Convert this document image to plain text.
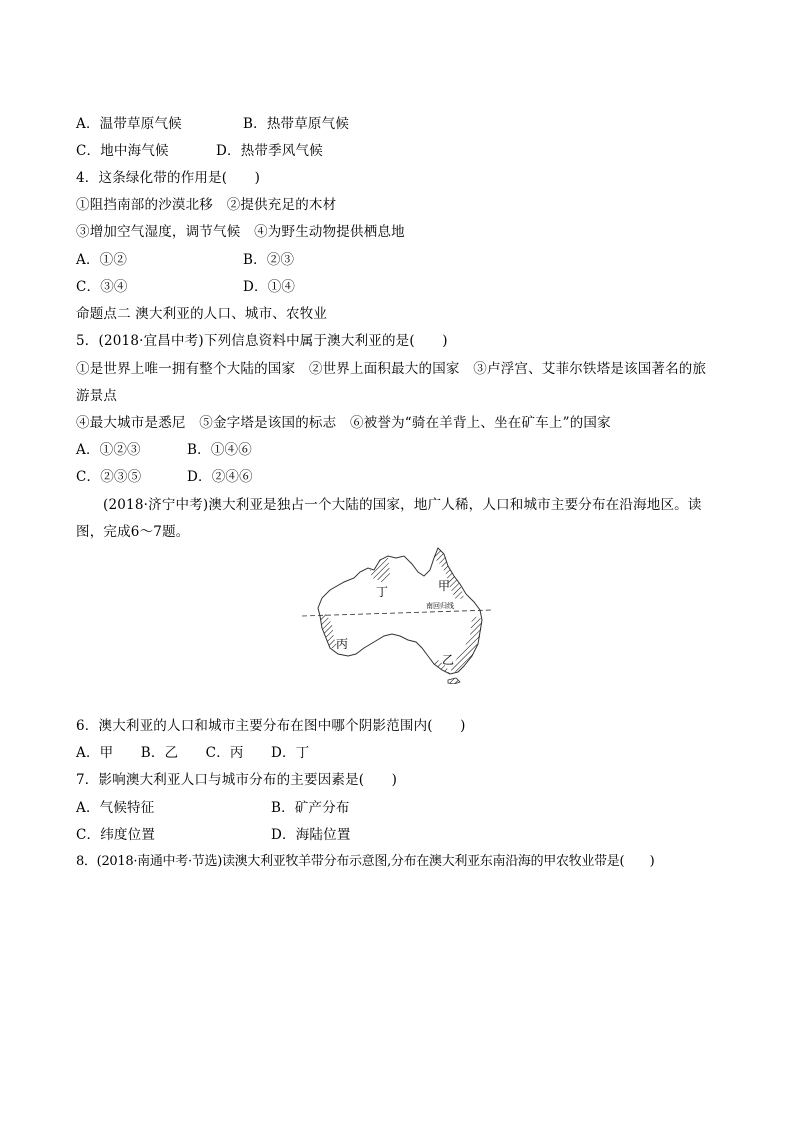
A．温带草原气候	B．热带草原气候
C．地中海气候	D．热带季风气候
4．这条绿化带的作用是(　　)
①阻挡南部的沙漠北移　②提供充足的木材
③增加空气湿度，调节气候　④为野生动物提供栖息地
A．①②	B．②③
C．③④	D．①④
命题点二 澳大利亚的人口、城市、农牧业
5．(2018·宜昌中考)下列信息资料中属于澳大利亚的是(　　)
①是世界上唯一拥有整个大陆的国家　②世界上面积最大的国家　③卢浮宫、艾菲尔铁塔是该国著名的旅
游景点
④最大城市是悉尼　⑤金字塔是该国的标志　⑥被誉为“骑在羊背上、坐在矿车上”的国家
A．①②③	B．①④⑥
C．②③⑤	D．②④⑥
(2018·济宁中考)澳大利亚是独占一个大陆的国家，地广人稀，人口和城市主要分布在沿海地区。读
图，完成6～7题。
丁	甲
南回归线
丙
乙
6．澳大利亚的人口和城市主要分布在图中哪个阴影范围内(　　)
A．甲　　B．乙　　C．丙　　D．丁
7．影响澳大利亚人口与城市分布的主要因素是(　　)
A．气候特征	B．矿产分布
C．纬度位置	D．海陆位置
8．(2018·南通中考·节选)读澳大利亚牧羊带分布示意图,分布在澳大利亚东南沿海的甲农牧业带是(　　)
